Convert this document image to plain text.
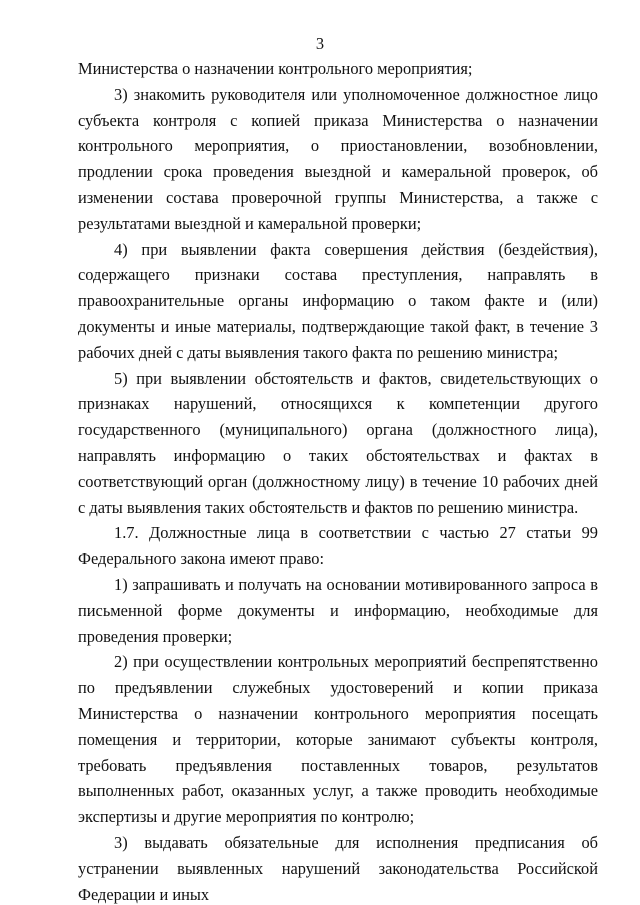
3

Министерства о назначении контрольного мероприятия;

3) знакомить руководителя или уполномоченное должностное лицо субъекта контроля с копией приказа Министерства о назначении контрольного мероприятия, о приостановлении, возобновлении, продлении срока проведения выездной и камеральной проверок, об изменении состава проверочной группы Министерства, а также с результатами выездной и камеральной проверки;

4) при выявлении факта совершения действия (бездействия), содержащего признаки состава преступления, направлять в правоохранительные органы информацию о таком факте и (или) документы и иные материалы, подтверждающие такой факт, в течение 3 рабочих дней с даты выявления такого факта по решению министра;

5) при выявлении обстоятельств и фактов, свидетельствующих о признаках нарушений, относящихся к компетенции другого государственного (муниципального) органа (должностного лица), направлять информацию о таких обстоятельствах и фактах в соответствующий орган (должностному лицу) в течение 10 рабочих дней с даты выявления таких обстоятельств и фактов по решению министра.

1.7. Должностные лица в соответствии с частью 27 статьи 99 Федерального закона имеют право:

1) запрашивать и получать на основании мотивированного запроса в письменной форме документы и информацию, необходимые для проведения проверки;

2) при осуществлении контрольных мероприятий беспрепятственно по предъявлении служебных удостоверений и копии приказа Министерства о назначении контрольного мероприятия посещать помещения и территории, которые занимают субъекты контроля, требовать предъявления поставленных товаров, результатов выполненных работ, оказанных услуг, а также проводить необходимые экспертизы и другие мероприятия по контролю;

3) выдавать обязательные для исполнения предписания об устранении выявленных нарушений законодательства Российской Федерации и иных
